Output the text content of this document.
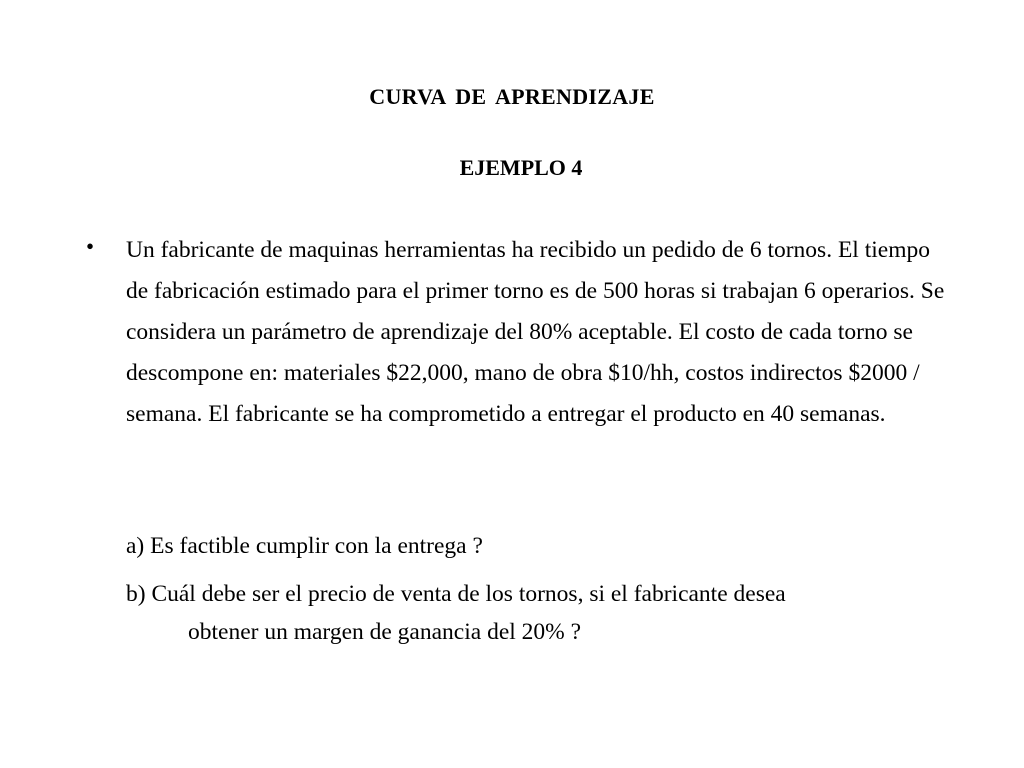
CURVA DE APRENDIZAJE
EJEMPLO 4
• Un fabricante de maquinas herramientas ha recibido un pedido de 6 tornos. El tiempo de fabricación estimado para el primer torno es de 500 horas si trabajan 6 operarios. Se considera un parámetro de aprendizaje del 80% aceptable. El costo de cada torno se descompone en: materiales $22,000, mano de obra $10/hh, costos indirectos $2000 / semana. El fabricante se ha comprometido a entregar el producto en 40 semanas.

a) Es factible cumplir con la entrega ?

b) Cuál debe ser el precio de venta de los tornos, si el fabricante desea
obtener un margen de ganancia del 20% ?
